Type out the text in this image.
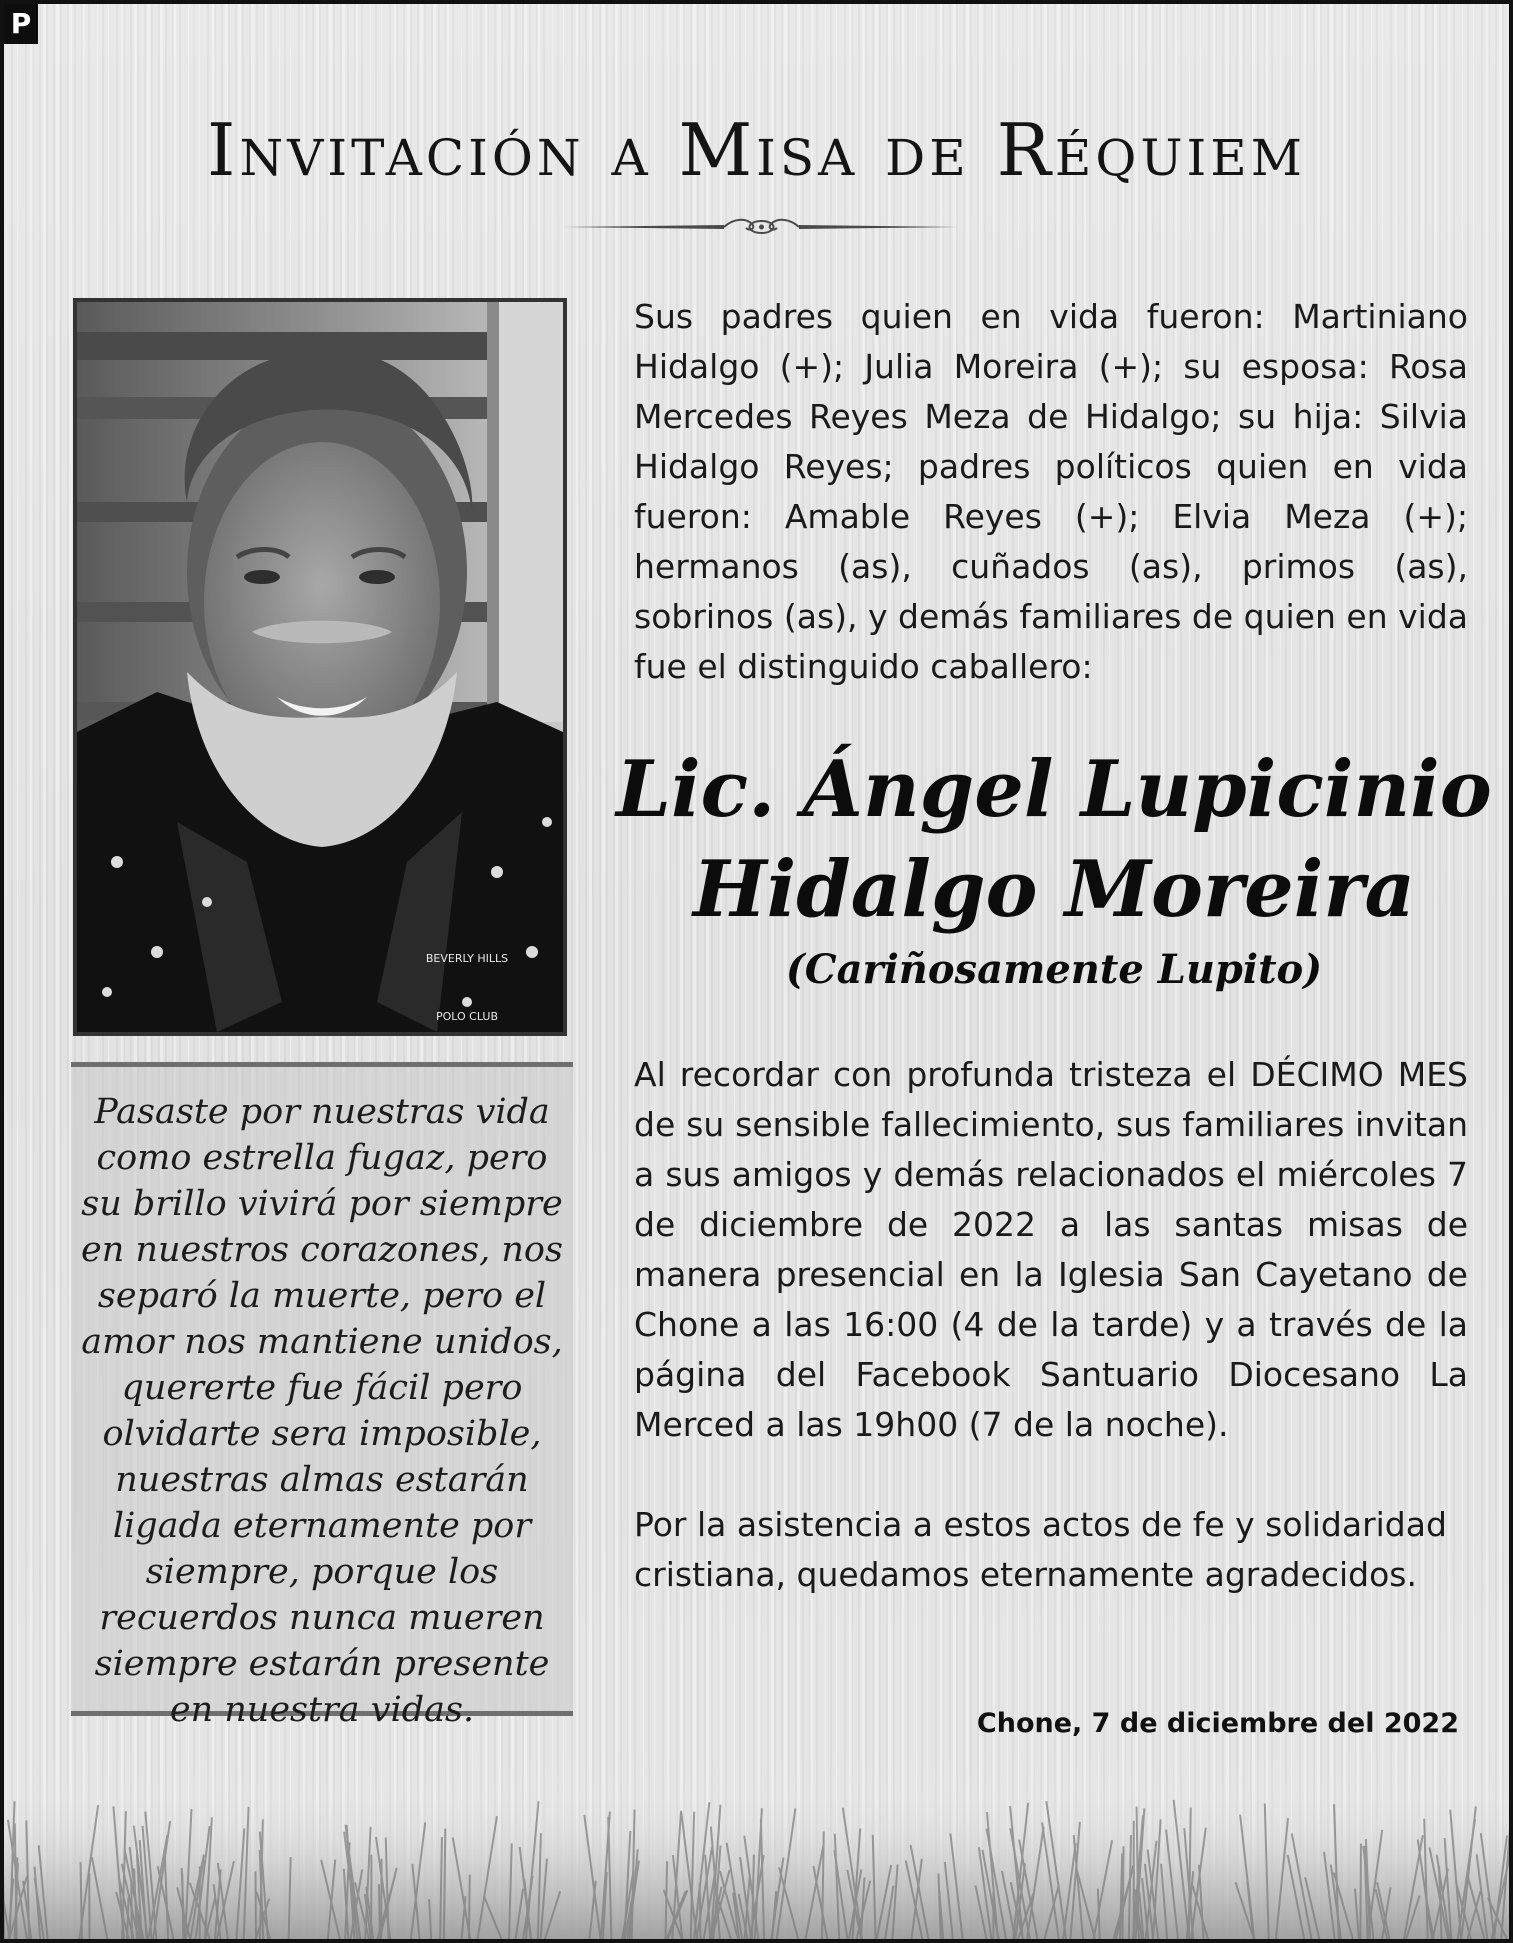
P
Invitación a Misa de Réquiem
BEVERLY HILLS
POLO CLUB
Pasaste por nuestras vida como estrella fugaz, pero su brillo vivirá por siempre en nuestros corazones, nos separó la muerte, pero el amor nos mantiene unidos, quererte fue fácil pero olvidarte sera imposible, nuestras almas estarán ligada eternamente por siempre, porque los recuerdos nunca mueren siempre estarán presente en nuestra vidas.
Sus padres quien en vida fueron: Martiniano Hidalgo (+); Julia Moreira (+); su esposa: Rosa Mercedes Reyes Meza de Hidalgo; su hija: Silvia Hidalgo Reyes; padres políticos quien en vida fueron: Amable Reyes (+); Elvia Meza (+); hermanos (as), cuñados (as), primos (as), sobrinos (as), y demás familiares de quien en vida fue el distinguido caballero:
Lic. Ángel Lupicinio
Hidalgo Moreira
(Cariñosamente Lupito)
Al recordar con profunda tristeza el DÉCIMO MES de su sensible fallecimiento, sus familiares invitan a sus amigos y demás relacionados el miércoles 7 de diciembre de 2022 a las santas misas de manera presencial en la Iglesia San Cayetano de Chone a las 16:00 (4 de la tarde) y a través de la página del Facebook Santuario Diocesano La Merced a las 19h00 (7 de la noche).
Por la asistencia a estos actos de fe y solidaridad cristiana, quedamos eternamente agradecidos.
Chone, 7 de diciembre del 2022
